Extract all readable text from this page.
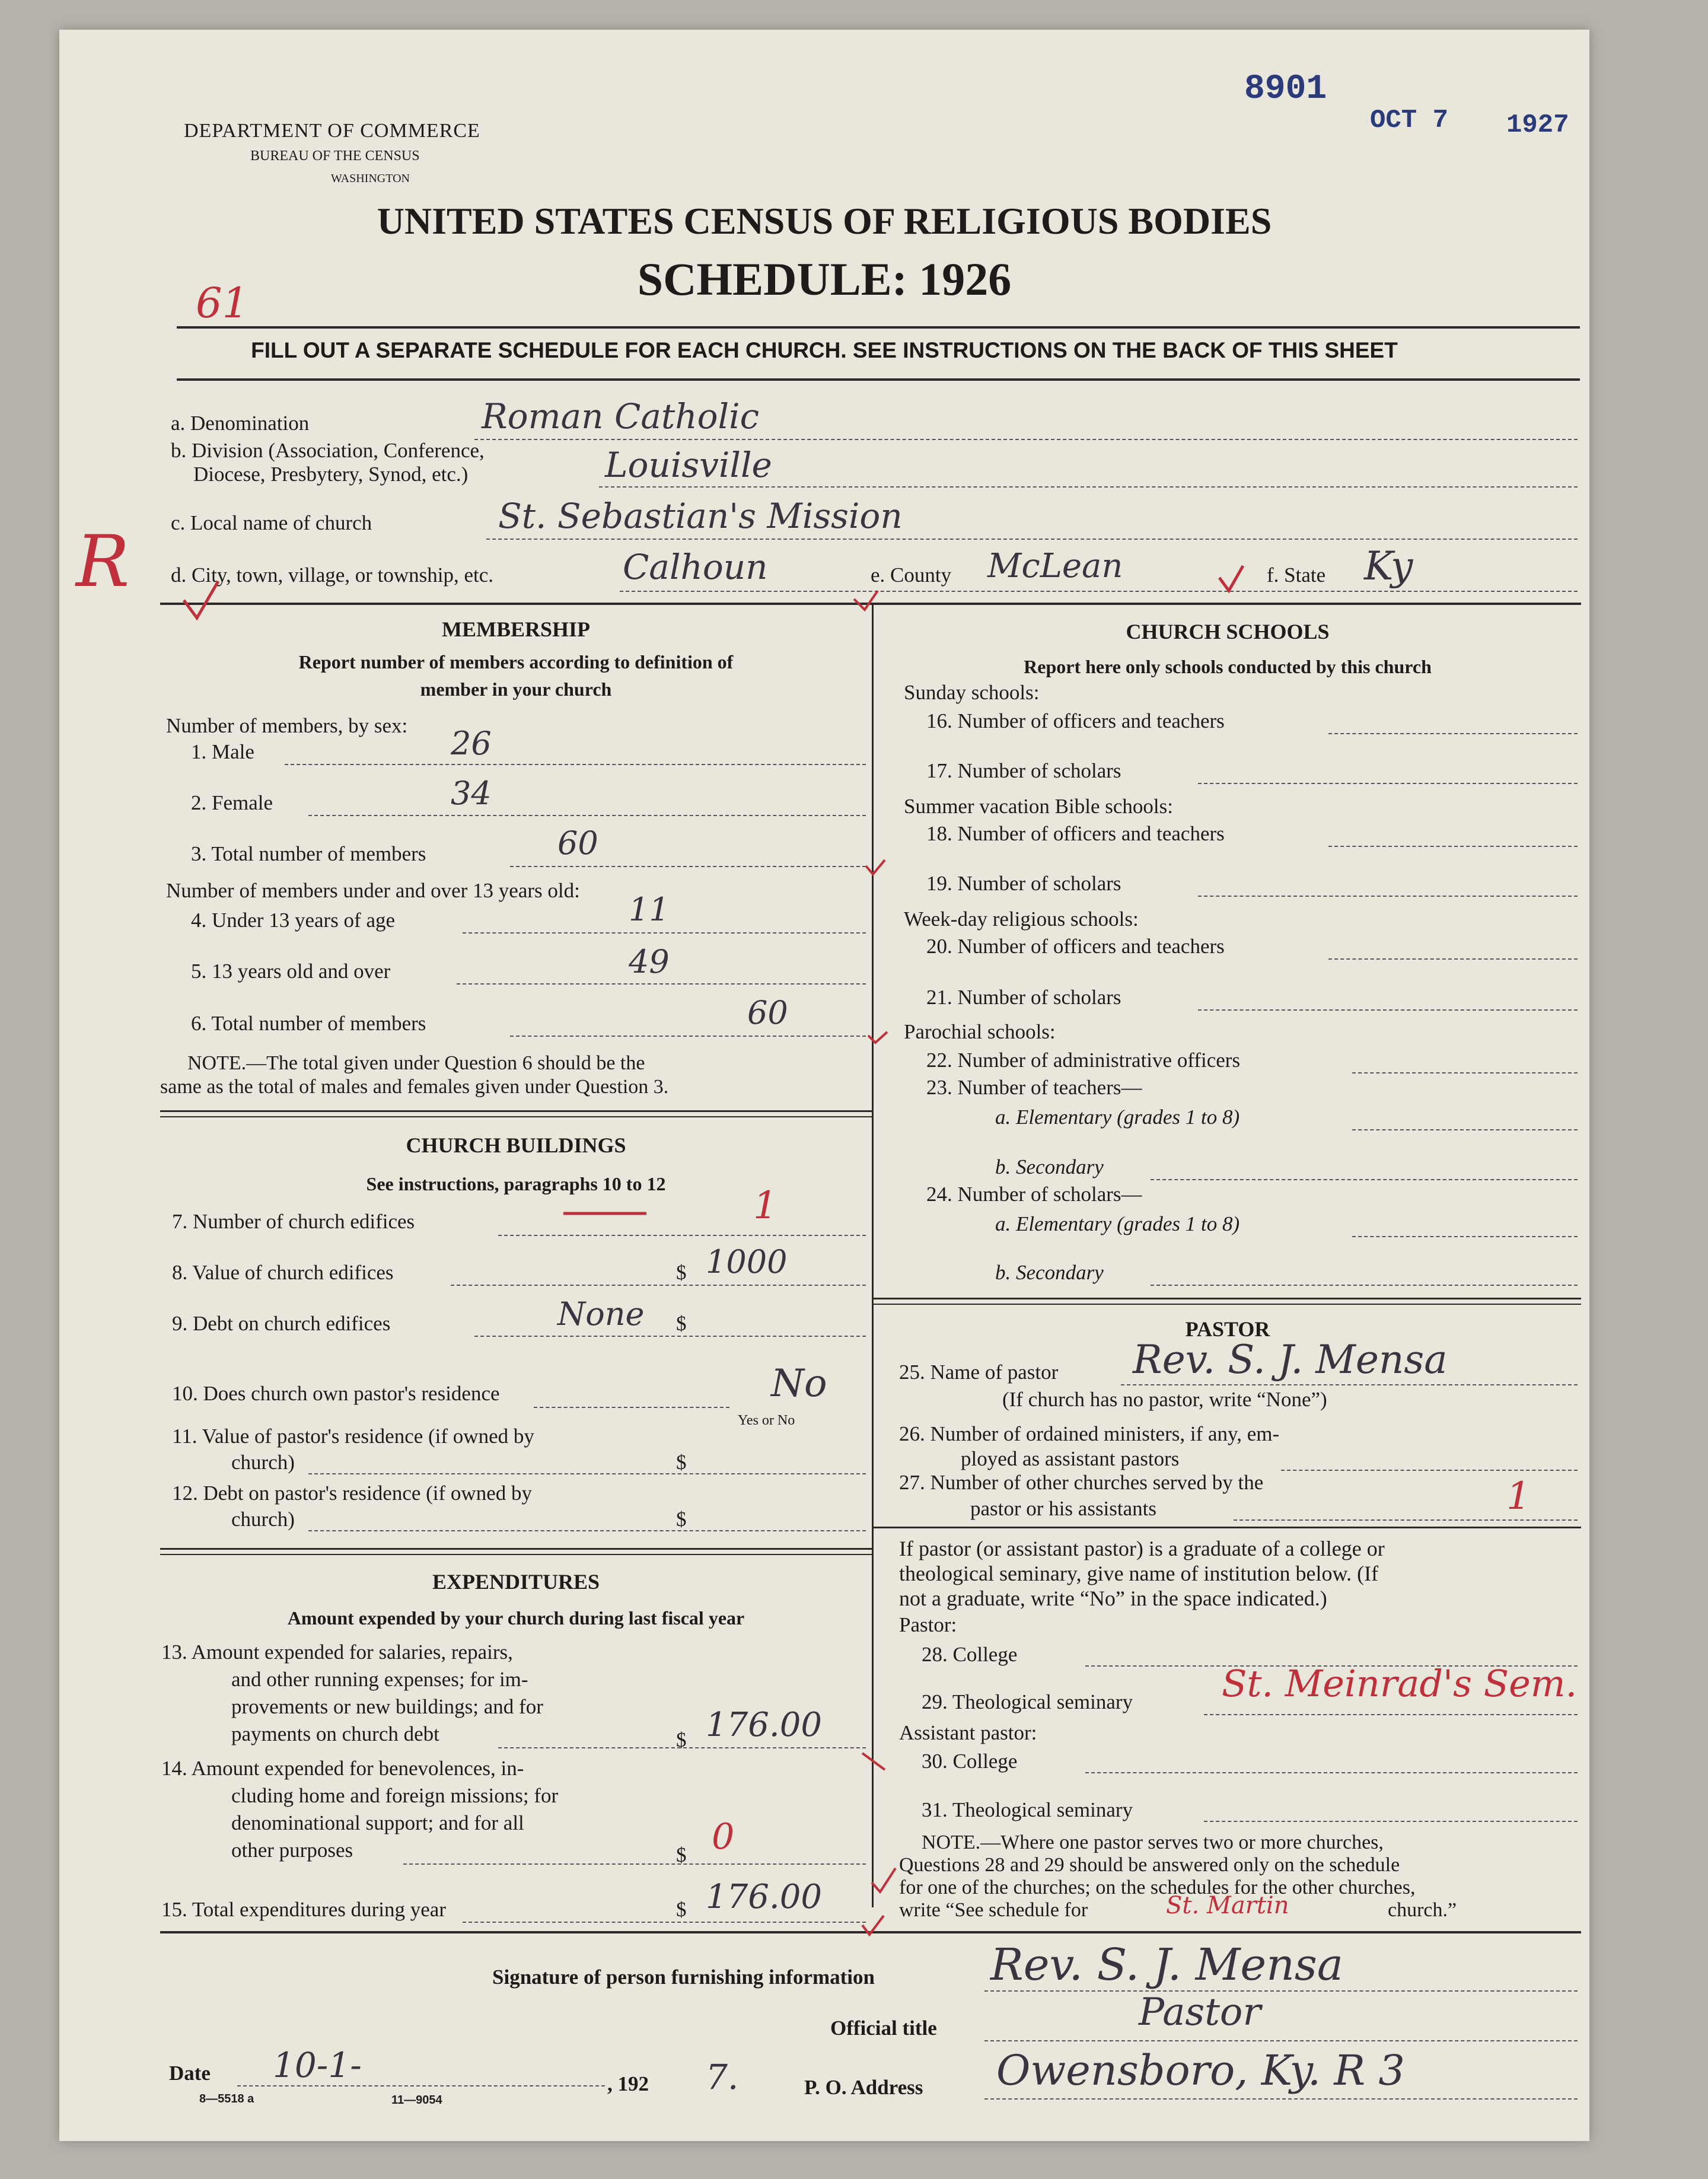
8901
OCT 7 1927
DEPARTMENT OF COMMERCE
BUREAU OF THE CENSUS
WASHINGTON
UNITED STATES CENSUS OF RELIGIOUS BODIES
SCHEDULE: 1926
61
FILL OUT A SEPARATE SCHEDULE FOR EACH CHURCH. SEE INSTRUCTIONS ON THE BACK OF THIS SHEET
a. Denomination	Roman Catholic
b. Division (Association, Conference,
Diocese, Presbytery, Synod, etc.)	Louisville
c. Local name of church	St. Sebastian's Mission
R d. City, town, village, or township, etc.	Calhoun	e. County McLean	f. State Ky
MEMBERSHIP
Report number of members according to definition of
member in your church
Number of members, by sex:
1. Male	26
2. Female	34
3. Total number of members	60
Number of members under and over 13 years old:
4. Under 13 years of age	11
5. 13 years old and over	49
6. Total number of members	60
NOTE.—The total given under Question 6 should be the
same as the total of males and females given under Question 3.
CHURCH BUILDINGS
See instructions, paragraphs 10 to 12
7. Number of church edifices	1
8. Value of church edifices	$ 1000
9. Debt on church edifices	None $
10. Does church own pastor's residence	No
Yes or No
11. Value of pastor's residence (if owned by
church)	$
12. Debt on pastor's residence (if owned by
church)	$
EXPENDITURES
Amount expended by your church during last fiscal year
13. Amount expended for salaries, repairs,
and other running expenses; for im-
provements or new buildings; and for
payments on church debt	$ 176.00
14. Amount expended for benevolences, in-
cluding home and foreign missions; for
denominational support; and for all
other purposes	$ 0
15. Total expenditures during year	$ 176.00
CHURCH SCHOOLS
Report here only schools conducted by this church
Sunday schools:
16. Number of officers and teachers
17. Number of scholars
Summer vacation Bible schools:
18. Number of officers and teachers
19. Number of scholars
Week-day religious schools:
20. Number of officers and teachers
21. Number of scholars
Parochial schools:
22. Number of administrative officers
23. Number of teachers—
a. Elementary (grades 1 to 8)
b. Secondary
24. Number of scholars—
a. Elementary (grades 1 to 8)
b. Secondary
PASTOR
25. Name of pastor Rev. S. J. Mensa
(If church has no pastor, write “None”)
26. Number of ordained ministers, if any, em-
ployed as assistant pastors
27. Number of other churches served by the
pastor or his assistants	1
If pastor (or assistant pastor) is a graduate of a college or
theological seminary, give name of institution below. (If
not a graduate, write “No” in the space indicated.)
Pastor:
28. College
29. Theological seminary St. Meinrad's Sem.
Assistant pastor:
30. College
31. Theological seminary
NOTE.—Where one pastor serves two or more churches,
Questions 28 and 29 should be answered only on the schedule
for one of the churches; on the schedules for the other churches,
write “See schedule for	St. Martin	church.”
Signature of person furnishing information	Rev. S. J. Mensa
Official title	Pastor
Date 10-1-	, 192 7.	P. O. Address Owensboro, Ky. R 3
8—5518 a	11—9054
